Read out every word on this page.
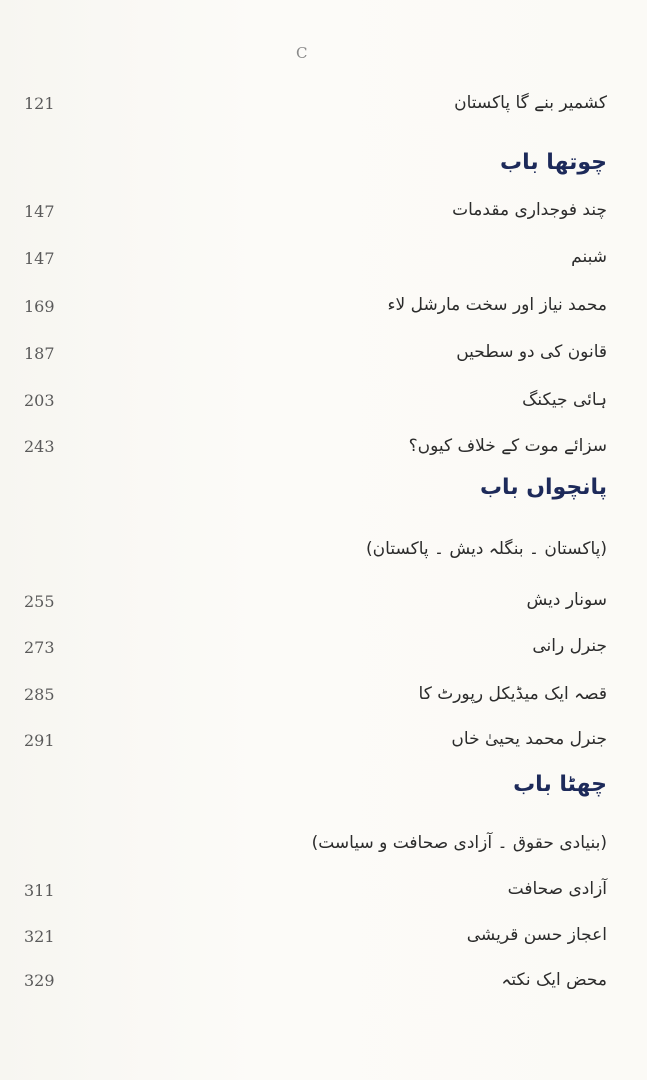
C
121	کشمیر بنے گا پاکستان
چوتھا باب
147	چند فوجداری مقدمات
147	شبنم
169	محمد نیاز اور سخت مارشل لاء
187	قانون کی دو سطحیں
203	ہائی جیکنگ
243	سزائے موت کے خلاف کیوں؟
پانچواں باب
(پاکستان ۔ بنگلہ دیش ۔ پاکستان)
255	سونار دیش
273	جنرل رانی
285	قصہ ایک میڈیکل رپورٹ کا
291	جنرل محمد یحییٰ خاں
چھٹا باب
(بنیادی حقوق ۔ آزادی صحافت و سیاست)
311	آزادی صحافت
321	اعجاز حسن قریشی
329	محض ایک نکتہ
